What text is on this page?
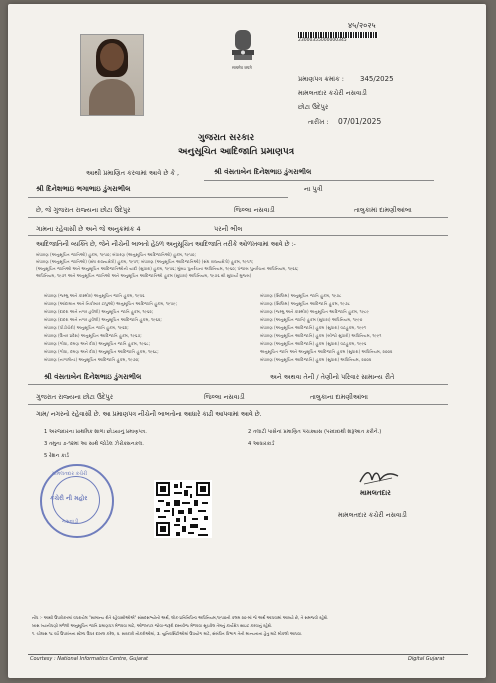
सत्यमेव जयते
४५/२०२५
23000355000000345
પ્રમાણપત્ર ક્રમાંક : 345/2025
મામલતદાર કચેરી નસવાડી
છોટા ઉદેપુર
તારીખ : 07/01/2025
ગુજરાત સરકાર
અનુસૂચિત આદિજાતિ પ્રમાણપત્ર
આથી પ્રમાણિત કરવામાં આવે છે કે ,	શ્રી વંસતાબેન દિનેશભાઇ ડુંગરાભીલ
શ્રી દિનેશભાઇ ભગાભાઇ ડુંગરાભીલ	ના પુત્રી
છે, જે ગુજરાત રાજ્યના છોટા ઉદેપુર	જિલ્લા નસવાડી	તાલુકામાં દામણીઆંબા
ગામના રહેવાસી છે અને જે અનુક્રમાંક 4	પરની ભીલ
આદિજાતિની વ્યક્તિ છે, જેને નીચેની બાબતો હેઠળ અનુસૂચિત આદિજાતિ તરીકે ઓળખવામાં આવે છે :-
બંધારણ (અનુસૂચિત જાતિઓ) હુકમ, ૧૯૫૦; બંધારણ (અનુસૂચિત આદિજાતિઓ) હુકમ, ૧૯૫૦;
બંધારણ (અનુસૂચિત જાતિઓ) (સંઘ રાજ્યક્ષેત્રો) હુકમ, ૧૯૫૧; બંધારણ (અનુસૂચિત આદિજાતિઓ) (સંઘ રાજ્યક્ષેત્રો) હુકમ, ૧૯૫૧;
(અનુસૂચિત જાતિઓ અને અનુસૂચિત આદિજાતિઓની યાદી (સુધારા) હુકમ, ૧૯૫૬; મુંબઇ પુનર્રચના અધિનિયમ, ૧૯૬૦; પંજાબ પુનર્રચના અધિનિયમ, ૧૯૬૬;
અધિનિયમ, ૧૯૭૧ અને અનુસૂચિત જાતિઓ અને અનુસૂચિત આદિજાતિઓ હુકમ (સુધારા) અધિનિયમ, ૧૯૭૬ થી સુધાર્યા મુજબ)
બંધારણ (જમ્મુ અને કાશ્મીર) અનુસૂચિત જાતિ હુકમ, ૧૯૫૬
બંધારણ (આંદામાન અને નિકોબાર ટાપુઓ) અનુસૂચિત આદિજાતિ હુકમ, ૧૯૫૯;
બંધારણ (દાદરા અને નગર હવેલી) અનુસૂચિત જાતિ હુકમ, ૧૯૬૨;
બંધારણ (દાદરા અને નગર હવેલી) અનુસૂચિત આદિજાતિ હુકમ, ૧૯૬૨;
બંધારણ (પોંડીચેરી) અનુસૂચિત જાતિ હુકમ, ૧૯૬૪;
બંધારણ (ઉત્તર પ્રદેશ) અનુસૂચિત આદિજાતિ હુકમ, ૧૯૬૭;
બંધારણ (ગોવા, દમણ અને દીવ) અનુસૂચિત જાતિ હુકમ, ૧૯૬૮;
બંધારણ (ગોવા, દમણ અને દીવ) અનુસૂચિત આદિજાતિ હુકમ, ૧૯૬૮;
બંધારણ (નાગાલેન્ડ) અનુસૂચિત આદિજાતિ હુકમ, ૧૯૭૦;
બંધારણ (સિક્કિમ) અનુસૂચિત જાતિ હુકમ, ૧૯૭૮
બંધારણ (સિક્કિમ) અનુસૂચિત આદિજાતિ હુકમ, ૧૯૭૮
બંધારણ (જમ્મુ અને કાશ્મીર) અનુસૂચિત આદિજાતિ હુકમ, ૧૯૮૯
બંધારણ (અનુસૂચિત જાતિ) હુકમ (સુધારા) અધિનિયમ, ૧૯૯૦
બંધારણ (અનુસૂચિત આદિજાતિ) હુકમ (સુધારા) વટહુકમ, ૧૯૯૧
બંધારણ (અનુસૂચિત આદિજાતિ) હુકમ (બીજો સુધારો) અધિનિયમ, ૧૯૯૧
બંધારણ (અનુસૂચિત આદિજાતિ) હુકમ (સુધારા) વટહુકમ, ૧૯૯૬
અનુસૂચિત જાતિ અને અનુસૂચિત આદિજાતિ હુકમ (સુધારા) અધિનિયમ, ૨૦૦૨
બંધારણ (અનુસૂચિત આદિજાતિ) હુકમ (સુધારા) અધિનિયમ, ૨૦૦૨
શ્રી વંસતાબેન દિનેશભાઇ ડુંગરાભીલ	અને અથવા તેની / તેણીનો પરિવાર સામાન્ય રીતે
ગુજરાત રાજ્યના છોટા ઉદેપુર	જિલ્લા નસવાડી	તાલુકાના દામણીઆંબા
ગામ/ નગરનો રહેવાસી છે. આ પ્રમાણપત્ર નીચેની બાબતોના આધારે કાઢી આપવામાં આવે છે.
1 અરજદારના પ્રાથમિક શાળા છોડયાનું પ્રમાણપત્ર.	2 તલાટી પાસેનાં પ્રમાણિત પંચક્યાસ (પરદાદાથી શરૂઆત કરીને.)
3 તમુના ૭-૧૨માં આ સાથે જોડેલ ઝેરોક્સનકલ.	4 આધારકાર્ડ
5 રેશન કાર્ડ
મામલતદાર કચેરી
કચેરી ની મહોર
નસવાડી
મામલતદાર
મામલતદાર કચેરી નસવાડી
નોંધ :- આથી ઉપરોક્તમાં વપરાયેલ "સામાન્ય રીતે રહેવાસીઓએ" સંસદસભ્યોનો અર્થ, લોક-પ્રતિનિધિત્વ અધિનિયમ,૧૯૫૦ની કલમ ૨૦-માં જે અર્થ આપવામાં આવ્યો છે, તે સમજવો રહેશે.
ખાસ ધ્યાનીપણો મળેલી અનુસૂચિત જાતિ પ્રમાણપત્ર મેળવવા માટે, ઓળખપત્ર જોવા-જરૂરી દસ્તાવેજ મેળવવા સૂચવેલ તેમનું કાર્યક્ષેત્ર સાઇટ કરવાનું રહેશે.
૧. ચોક્કસ ૧૮ વર્ષ ઉપરાંતના સ્ટેમ્પ ઉપર દાખલ કરેલ, ૨. સરકારી નોકરીઓમાં, ૩. યુનિવર્સિટીઓમાં ઉપયોગ માટે, સંબંધિત વિભાગ તેની માન્યતાના હેતુ માટે મોકલી આપવા.
Courtesy : National Informatics Centre, Gujarat	Digital Gujarat
